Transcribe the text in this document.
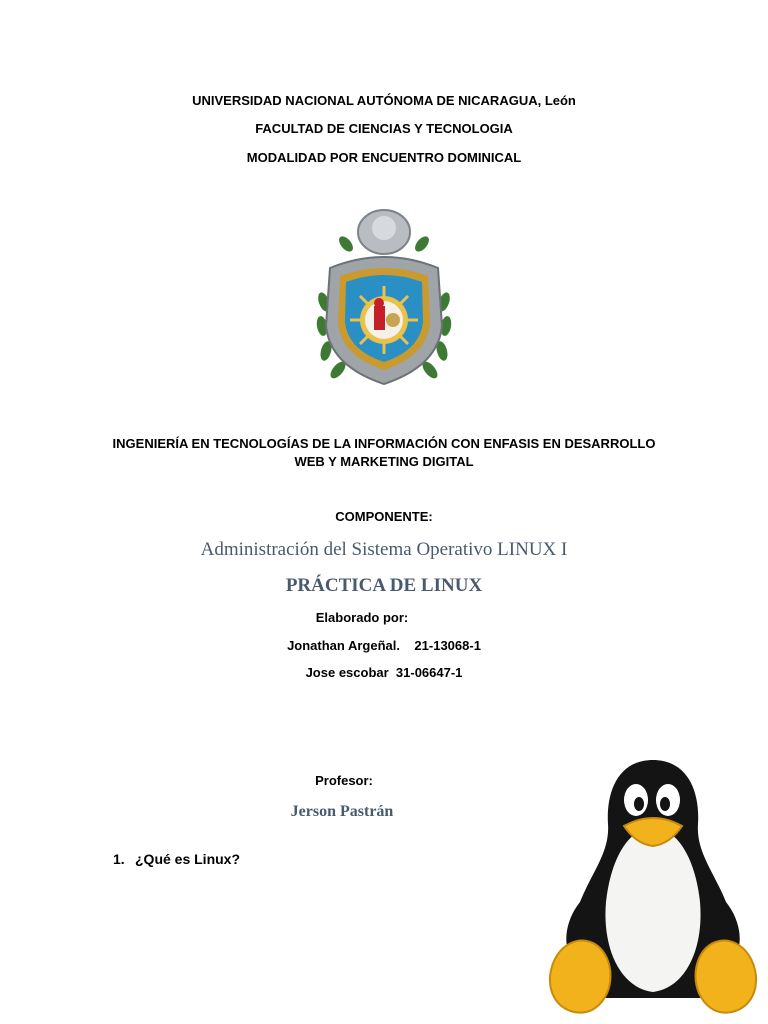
UNIVERSIDAD NACIONAL AUTÓNOMA DE NICARAGUA, León
FACULTAD DE CIENCIAS Y TECNOLOGIA
MODALIDAD POR ENCUENTRO DOMINICAL
INGENIERÍA EN TECNOLOGÍAS DE LA INFORMACIÓN CON ENFASIS EN DESARROLLO
WEB Y MARKETING DIGITAL
COMPONENTE:
Administración del Sistema Operativo LINUX I
PRÁCTICA DE LINUX
Elaborado por:
Jonathan Argeñal.    21-13068-1
Jose escobar  31-06647-1
Profesor:
Jerson Pastrán
1. ¿Qué es Linux?
